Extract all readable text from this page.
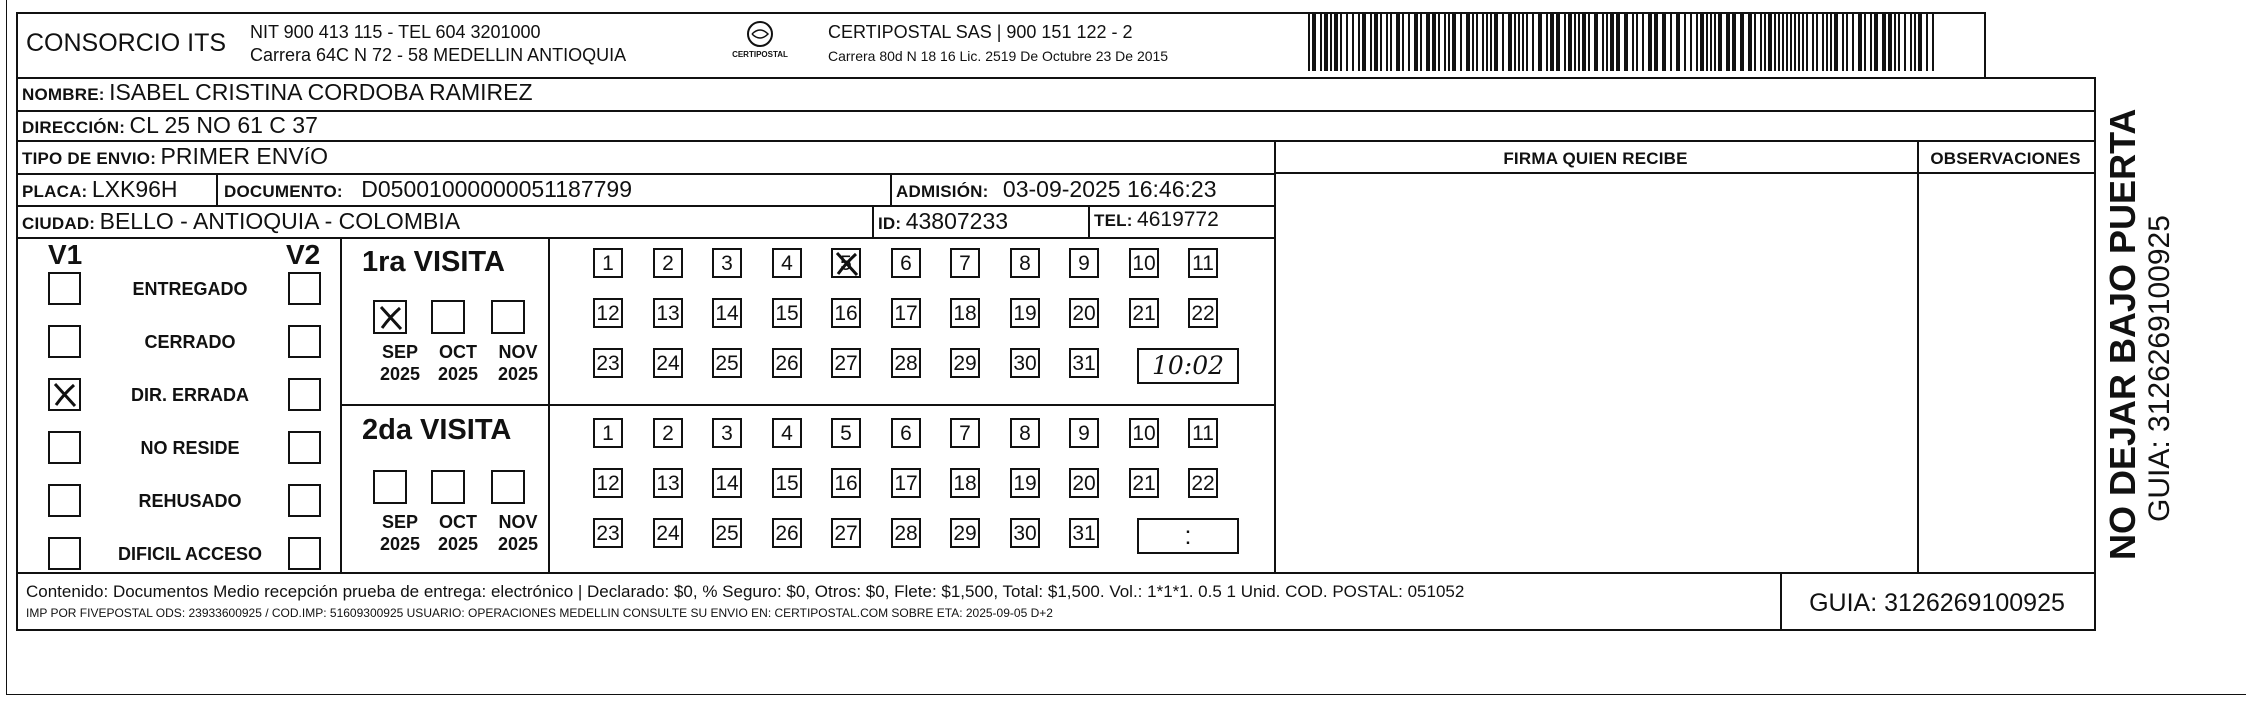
CONSORCIO ITS NIT 900 413 115 - TEL 604 3201000
Carrera 64C N 72 - 58 MEDELLIN ANTIOQUIA	CERTIPOSTAL
CERTIPOSTAL SAS | 900 151 122 - 2
Carrera 80d N 18 16 Lic. 2519 De Octubre 23 De 2015
FIRMA QUIEN RECIBE	OBSERVACIONES
NOMBRE: ISABEL CRISTINA CORDOBA RAMIREZ
DIRECCIÓN: CL 25 NO 61 C 37
TIPO DE ENVIO: PRIMER ENVíO
PLACA: LXK96H	DOCUMENTO: D05001000000051187799	ADMISIÓN: 03-09-2025 16:46:23
CIUDAD: BELLO - ANTIOQUIA - COLOMBIA	ID: 43807233	TEL: 4619772
V1	V2
ENTREGADO
CERRADO
DIR. ERRADA
NO RESIDE
REHUSADO
DIFICIL ACCESO
1ra VISITA
SEP
2025
OCT
2025
NOV
2025
1	2	3	4	5	6	7	8	9	10 11
12 13 14 15 16 17 18 19 20 21 22
23 24 25 26 27 28 29 30 31	10:02
2da VISITA
SEP
2025
OCT
2025
NOV
2025
1	2	3	4	5	6	7	8	9	10 11
12 13 14 15 16 17 18 19 20 21 22
23 24 25 26 27 28 29 30 31	:
Contenido: Documentos Medio recepción prueba de entrega: electrónico | Declarado: $0, % Seguro: $0, Otros: $0, Flete: $1,500, Total: $1,500. Vol.: 1*1*1. 0.5 1 Unid. COD. POSTAL: 051052
IMP POR FIVEPOSTAL ODS: 23933600925 / COD.IMP: 51609300925 USUARIO: OPERACIONES MEDELLIN CONSULTE SU ENVIO EN: CERTIPOSTAL.COM SOBRE ETA: 2025-09-05 D+2	GUIA: 3126269100925
NO DEJAR BAJO PUERTA GUIA: 3126269100925
